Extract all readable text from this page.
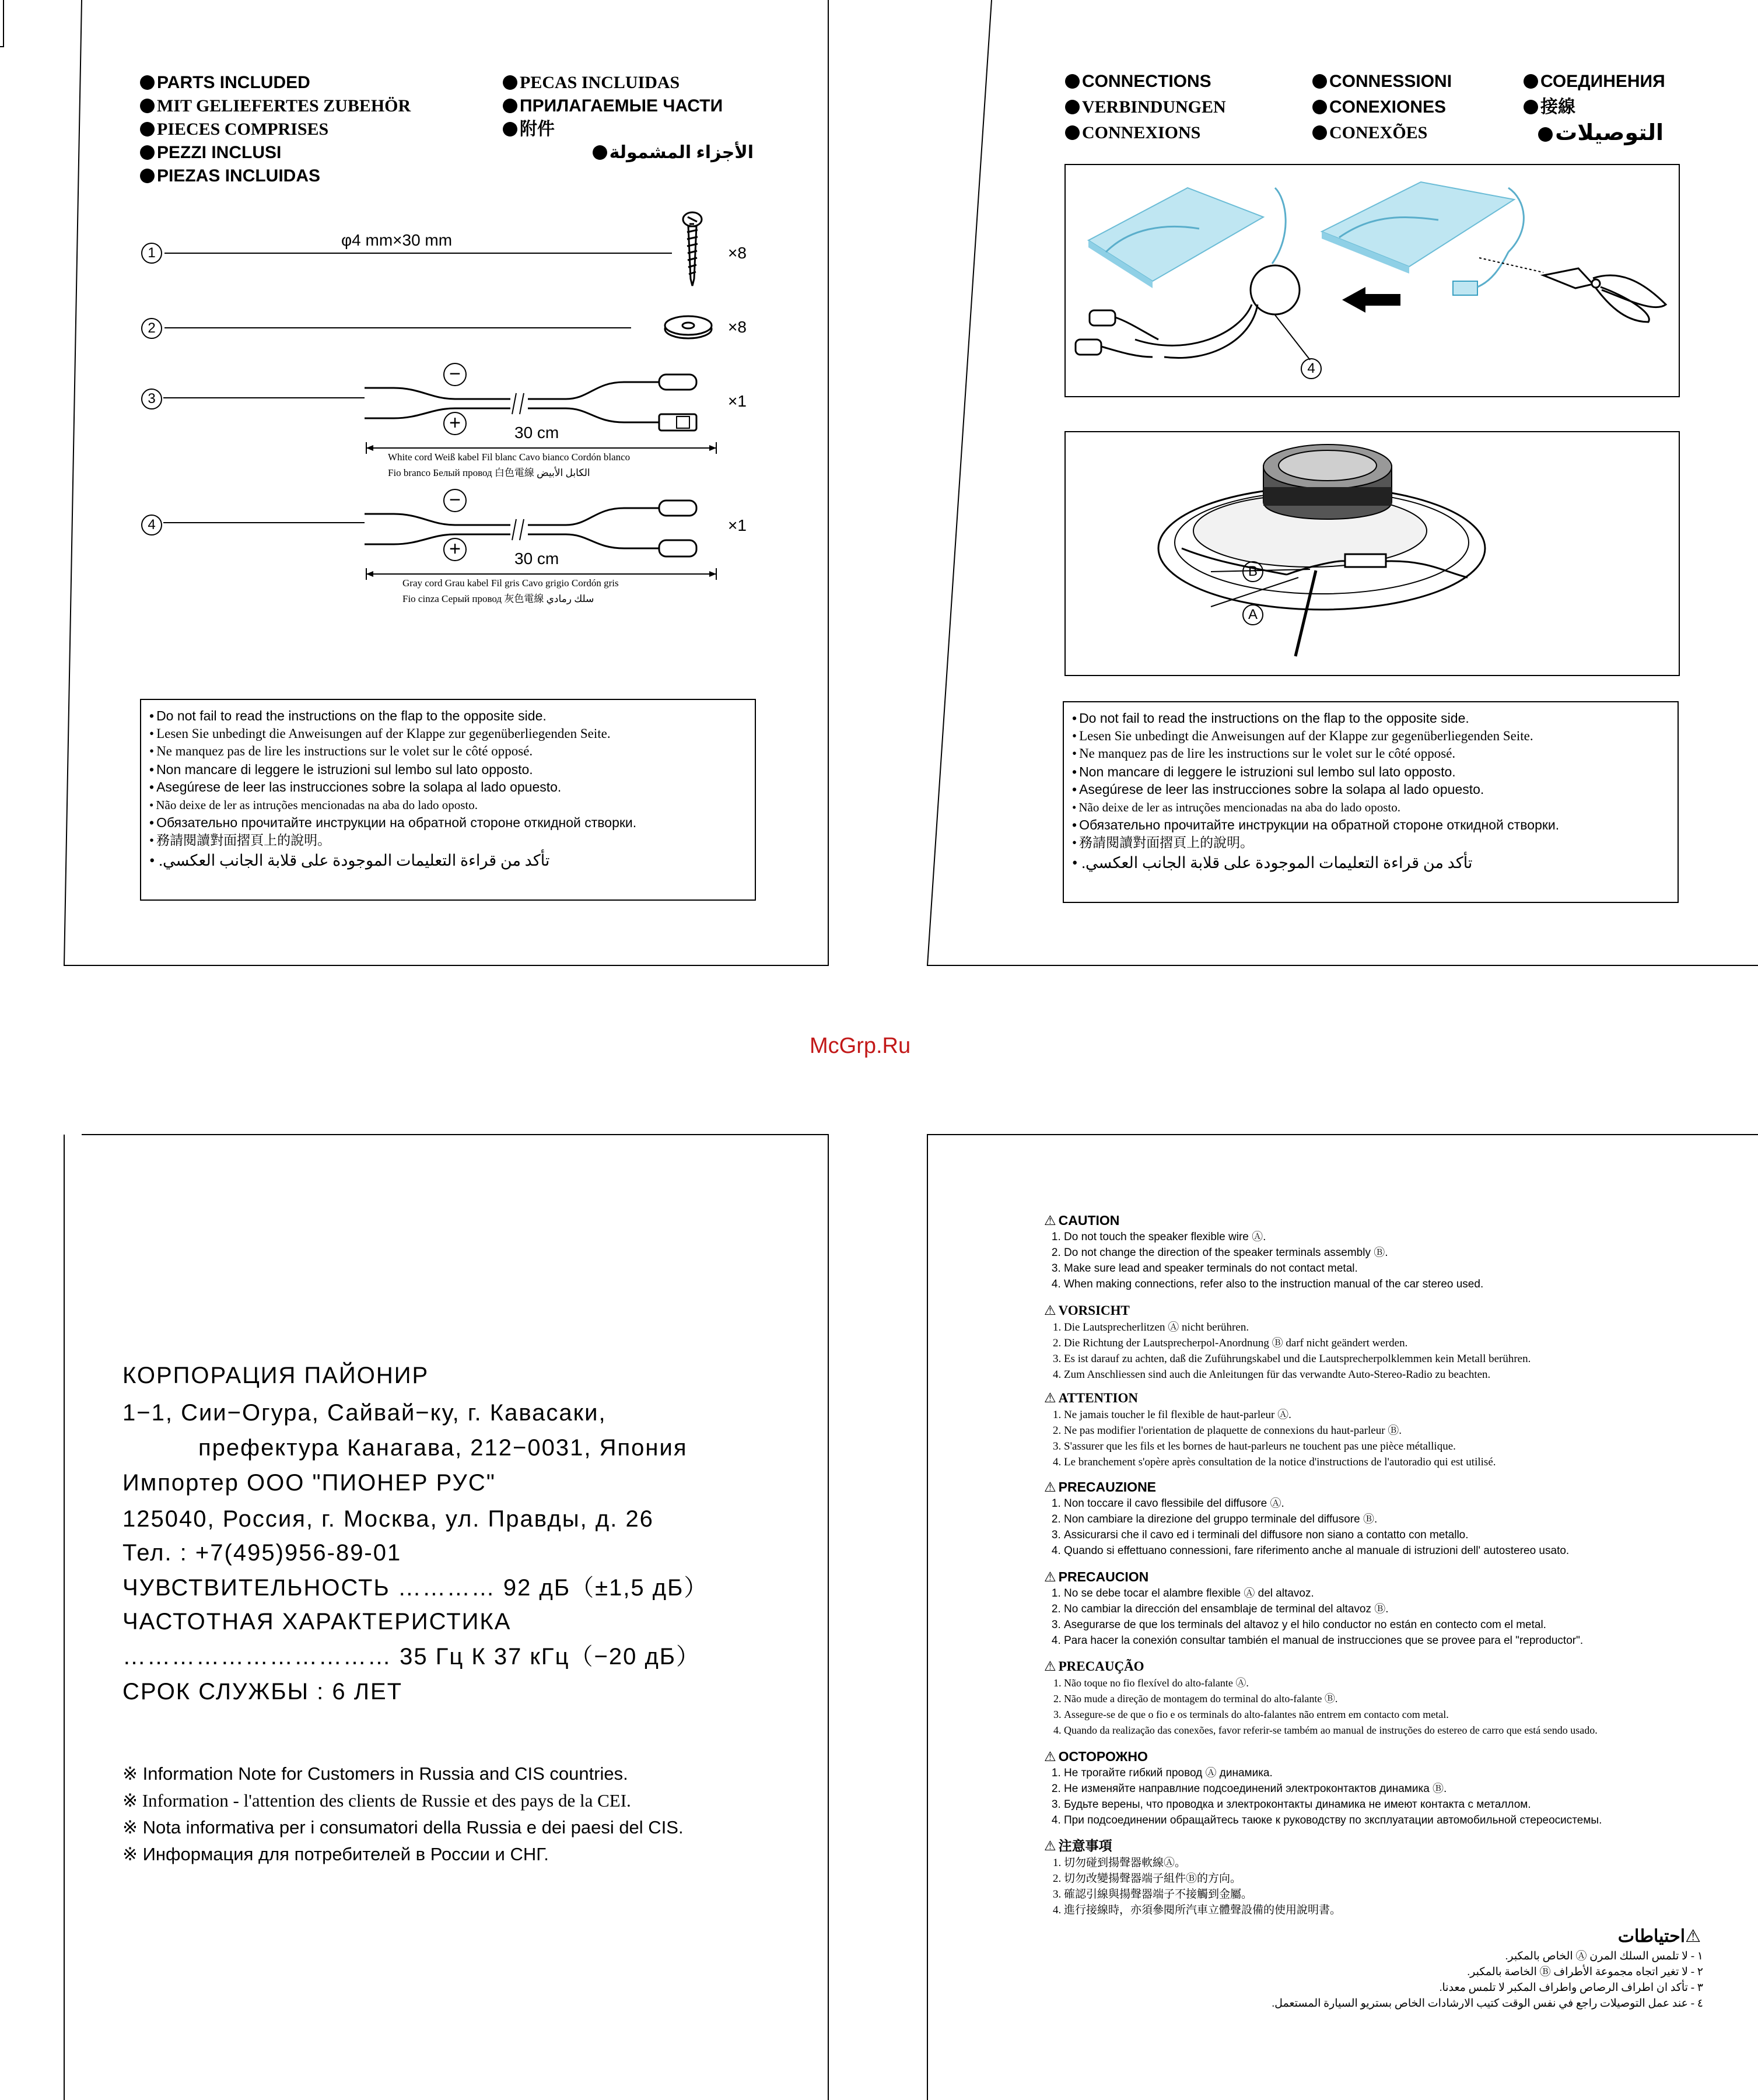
PARTS INCLUDED
MIT GELIEFERTES ZUBEHÖR
PIECES COMPRISES
PEZZI INCLUSI
PIEZAS INCLUIDAS
PECAS INCLUIDAS
ПРИЛАГАЕМЫЕ ЧАСТИ
附件
الأجزاء المشمولة
1
φ4 mm×30 mm
×8
2	×8
3	×1
−
+	30 cm
White cord Weiß kabel Fil blanc Cavo bianco Cordón blanco
Fio branco Белый провод 白色電線 الكابل الأبيض
4	×1
−
+	30 cm
Gray cord Grau kabel Fil gris Cavo grigio Cordón gris
Fio cinza Серый провод 灰色電線 سلك رمادي
• Do not fail to read the instructions on the flap to the opposite side.
• Lesen Sie unbedingt die Anweisungen auf der Klappe zur gegenüberliegenden Seite.
• Ne manquez pas de lire les instructions sur le volet sur le côté opposé.
• Non mancare di leggere le istruzioni sul lembo sul lato opposto.
• Asegúrese de leer las instrucciones sobre la solapa al lado opuesto.
• Não deixe de ler as intruções mencionadas na aba do lado oposto.
• Обязательно прочитайте инструкции на обратной стороне откидной створки.
• 務請閱讀對面摺頁上的說明。
تأكد من قراءة التعليمات الموجودة على قلابة الجانب العكسي. •
CONNECTIONS
VERBINDUNGEN
CONNEXIONS
CONNESSIONI
CONEXIONES
CONEXÕES
СОЕДИНЕНИЯ
接線
التوصيلات
4
B
A
• Do not fail to read the instructions on the flap to the opposite side.
• Lesen Sie unbedingt die Anweisungen auf der Klappe zur gegenüberliegenden Seite.
• Ne manquez pas de lire les instructions sur le volet sur le côté opposé.
• Non mancare di leggere le istruzioni sul lembo sul lato opposto.
• Asegúrese de leer las instrucciones sobre la solapa al lado opuesto.
• Não deixe de ler as intruções mencionadas na aba do lado oposto.
• Обязательно прочитайте инструкции на обратной стороне откидной створки.
• 務請閱讀對面摺頁上的說明。
تأكد من قراءة التعليمات الموجودة على قلابة الجانب العكسي. •
McGrp.Ru
КОРПОРАЦИЯ ПАЙОНИР
1−1, Сии−Огура, Сайвай−ку, г. Кавасаки,
префектура Канагава, 212−0031, Япония
Импортер ООО "ПИОНЕР РУС"
125040, Россия, г. Москва, ул. Правды, д. 26
Тел. : +7(495)956-89-01
ЧУВСТВИТЕЛЬНОСТЬ ………… 92 дБ（±1,5 дБ）
ЧАСТОТНАЯ ХАРАКТЕРИСТИКА
…………………………… 35 Гц К 37 кГц（−20 дБ）
СРОК СЛУЖБЫ : 6 ЛЕТ
※ Information Note for Customers in Russia and CIS countries.
※ Information - l'attention des clients de Russie et des pays de la CEI.
※ Nota informativa per i consumatori della Russia e dei paesi del CIS.
※ Информация для потребителей в России и СНГ.
⚠ CAUTION
1. Do not touch the speaker flexible wire Ⓐ.
2. Do not change the direction of the speaker terminals assembly Ⓑ.
3. Make sure lead and speaker terminals do not contact metal.
4. When making connections, refer also to the instruction manual of the car stereo used.
⚠ VORSICHT
1. Die Lautsprecherlitzen Ⓐ nicht berühren.
2. Die Richtung der Lautsprecherpol-Anordnung Ⓑ darf nicht geändert werden.
3. Es ist darauf zu achten, daß die Zuführungskabel und die Lautsprecherpolklemmen kein Metall berühren.
4. Zum Anschliessen sind auch die Anleitungen für das verwandte Auto-Stereo-Radio zu beachten.
⚠ ATTENTION
1. Ne jamais toucher le fil flexible de haut-parleur Ⓐ.
2. Ne pas modifier l'orientation de plaquette de connexions du haut-parleur Ⓑ.
3. S'assurer que les fils et les bornes de haut-parleurs ne touchent pas une pièce métallique.
4. Le branchement s'opère après consultation de la notice d'instructions de l'autoradio qui est utilisé.
⚠ PRECAUZIONE
1. Non toccare il cavo flessibile del diffusore Ⓐ.
2. Non cambiare la direzione del gruppo terminale del diffusore Ⓑ.
3. Assicurarsi che il cavo ed i terminali del diffusore non siano a contatto con metallo.
4. Quando si effettuano connessioni, fare riferimento anche al manuale di istruzioni dell' autostereo usato.
⚠ PRECAUCION
1. No se debe tocar el alambre flexible Ⓐ del altavoz.
2. No cambiar la dirección del ensamblaje de terminal del altavoz Ⓑ.
3. Asegurarse de que los terminals del altavoz y el hilo conductor no están en contecto com el metal.
4. Para hacer la conexión consultar también el manual de instrucciones que se provee para el "reproductor".
⚠ PRECAUÇÃO
1. Não toque no fio flexível do alto-falante Ⓐ.
2. Não mude a direção de montagem do terminal do alto-falante Ⓑ.
3. Assegure-se de que o fio e os terminals do alto-falantes não entrem em contacto com metal.
4. Quando da realização das conexões, favor referir-se também ao manual de instruções do estereo de carro que está sendo usado.
⚠ ОСТОРОЖНО
1. Не трогайте гибкий провод Ⓐ динамика.
2. Не изменяйте направлние подсоединений электроконтактов динамика Ⓑ.
3. Будьте верены, что проводка и злектроконтакты динамика не имеют контакта с металлом.
4. При подсоединении обращайтесь таюке к руководству по зксплуатации автомобильной стереосистемы.
⚠ 注意事項
1. 切勿碰到揚聲器軟線Ⓐ。
2. 切勿改變揚聲器端子組件Ⓑ的方向。
3. 確認引線與揚聲器端子不接觸到金屬。
4. 進行接線時，亦須參閱所汽車立體聲設備的使用說明書。
⚠ احتياطات
١ - لا تلمس السلك المرن Ⓐ الخاص بالمكبر.
٢ - لا تغير اتجاه مجموعة الأطراف Ⓑ الخاصة بالمكبر.
٣ - تأكد ان اطراف الرصاص واطراف المكبر لا تلمس معدنا.
٤ - عند عمل التوصيلات راجع في نفس الوقت كتيب الارشادات الخاص بستريو السيارة المستعمل.
